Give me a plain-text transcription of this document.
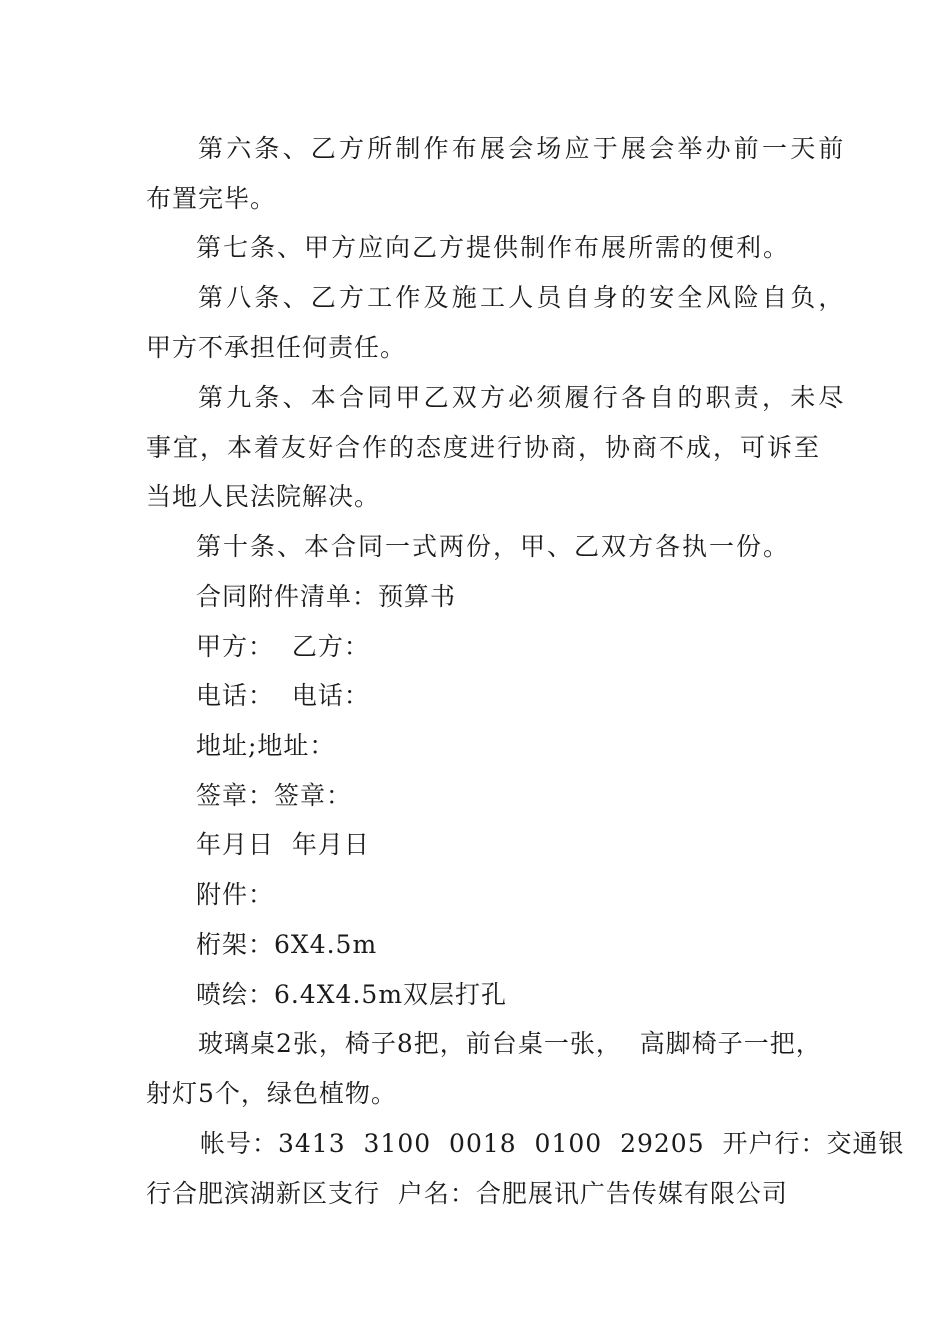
第六条、乙方所制作布展会场应于展会举办前一天前
布置完毕。
第七条、甲方应向乙方提供制作布展所需的便利。
第八条、乙方工作及施工人员自身的安全风险自负，
甲方不承担任何责任。
第九条、本合同甲乙双方必须履行各自的职责，未尽
事宜，本着友好合作的态度进行协商，协商不成，可诉至
当地人民法院解决。
第十条、本合同一式两份，甲、乙双方各执一份。
合同附件清单：预算书
甲方：  乙方：
电话：  电话：
地址;地址：
签章：签章：
年月日  年月日
附件：
桁架：6X4.5m
喷绘：6.4X4.5m双层打孔
玻璃桌2张，椅子8把，前台桌一张，  高脚椅子一把，
射灯5个，绿色植物。
帐号：3413  3100  0018  0100  29205  开户行：交通银
行合肥滨湖新区支行  户名：合肥展讯广告传媒有限公司
